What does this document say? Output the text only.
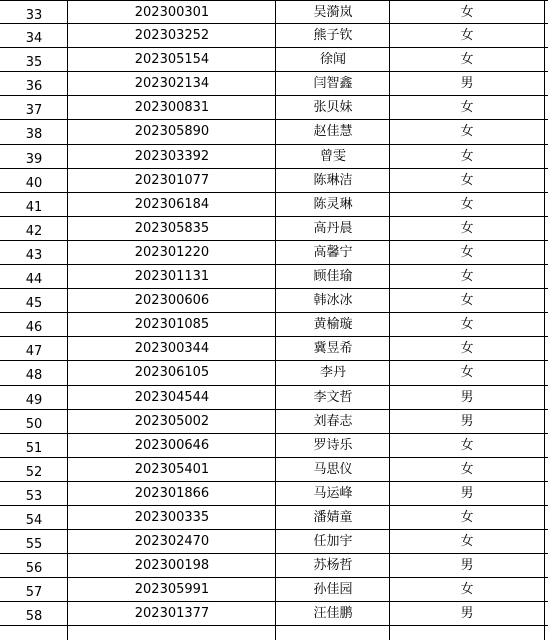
33	202300301	吴漪岚	女
34	202303252	熊子钦	女
35	202305154	徐闻	女
36	202302134	闫智鑫	男
37	202300831	张贝妹	女
38	202305890	赵佳慧	女
39	202303392	曾雯	女
40	202301077	陈琳洁	女
41	202306184	陈灵琳	女
42	202305835	高丹晨	女
43	202301220	高馨宁	女
44	202301131	顾佳瑜	女
45	202300606	韩冰冰	女
46	202301085	黄榆璇	女
47	202300344	冀昱希	女
48	202306105	李丹	女
49	202304544	李文哲	男
50	202305002	刘春志	男
51	202300646	罗诗乐	女
52	202305401	马思仪	女
53	202301866	马运峰	男
54	202300335	潘婧童	女
55	202302470	任加宇	女
56	202300198	苏杨哲	男
57	202305991	孙佳园	女
58	202301377	汪佳鹏	男
